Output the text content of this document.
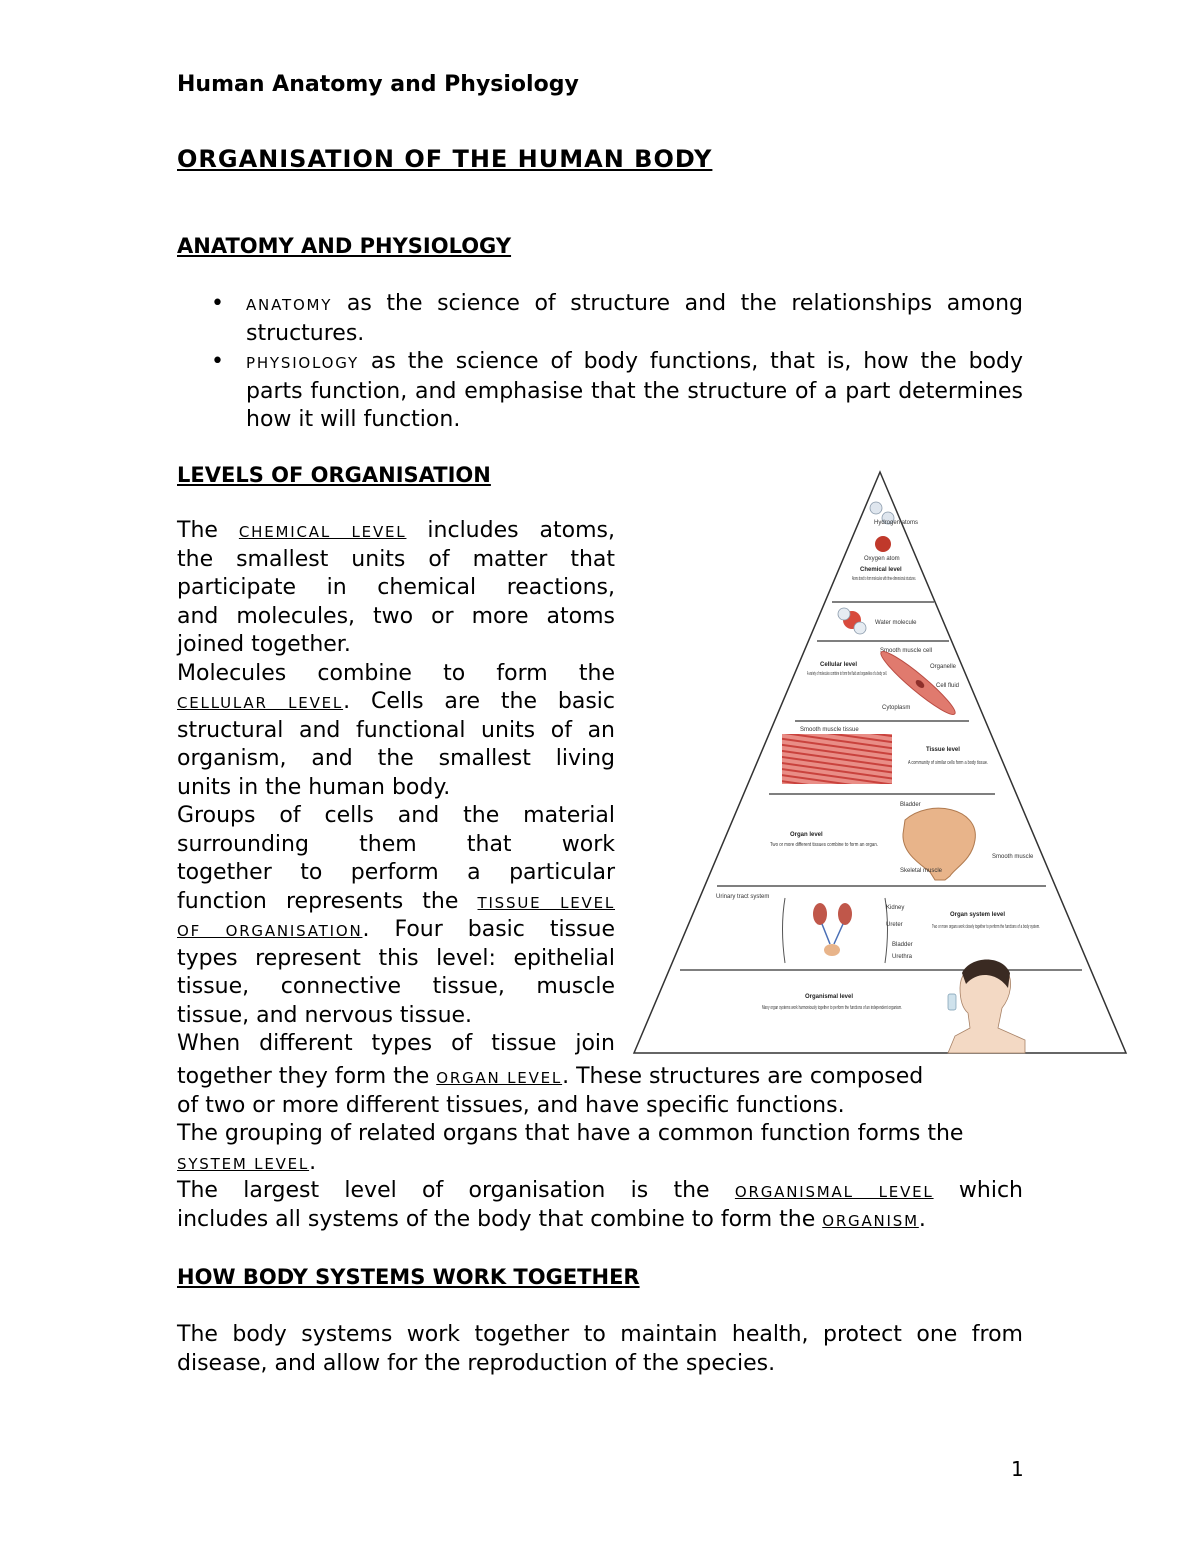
Human Anatomy and Physiology
ORGANISATION OF THE HUMAN BODY
ANATOMY AND PHYSIOLOGY
• ANATOMY as the science of structure and the relationships among structures.
• PHYSIOLOGY as the science of body functions, that is, how the body parts function, and emphasise that the structure of a part determines how it will function.
LEVELS OF ORGANISATION
The CHEMICAL LEVEL includes atoms,
the smallest units of matter that
participate in chemical reactions,
and molecules, two or more atoms
joined together.
Molecules combine to form the
CELLULAR LEVEL. Cells are the basic
structural and functional units of an
organism, and the smallest living
units in the human body.
Groups of cells and the material
surrounding them that work
together to perform a particular
function represents the TISSUE LEVEL
OF ORGANISATION. Four basic tissue
types represent this level: epithelial
tissue, connective tissue, muscle
tissue, and nervous tissue.
When different types of tissue join
together they form the ORGAN LEVEL. These structures are composed
of two or more different tissues, and have specific functions.
The grouping of related organs that have a common function forms the
SYSTEM LEVEL.
The largest level of organisation is the ORGANISMAL LEVEL which
includes all systems of the body that combine to form the ORGANISM.
HOW BODY SYSTEMS WORK TOGETHER
The body systems work together to maintain health, protect one from disease, and allow for the reproduction of the species.
Hydrogen atoms
Oxygen atom
Chemical level
Atoms bond to form molecules with three-dimensional structures.
Water molecule
Smooth muscle cell
Cellular level
A variety of molecules combine to form the fluid and organelles of a body cell.
Organelle
Cell fluid
Cytoplasm
Smooth muscle tissue
Tissue level
A community of similar cells form a body tissue.
Bladder
Organ level
Two or more different tissues combine to form an organ.
Skeletal muscle
Smooth muscle
Urinary tract system
Kidney
Ureter
Bladder
Urethra
Organ system level
Two or more organs work closely together to perform the functions of a body system.
Organismal level
Many organ systems work harmoniously together to perform the functions of an independent organism.
1
